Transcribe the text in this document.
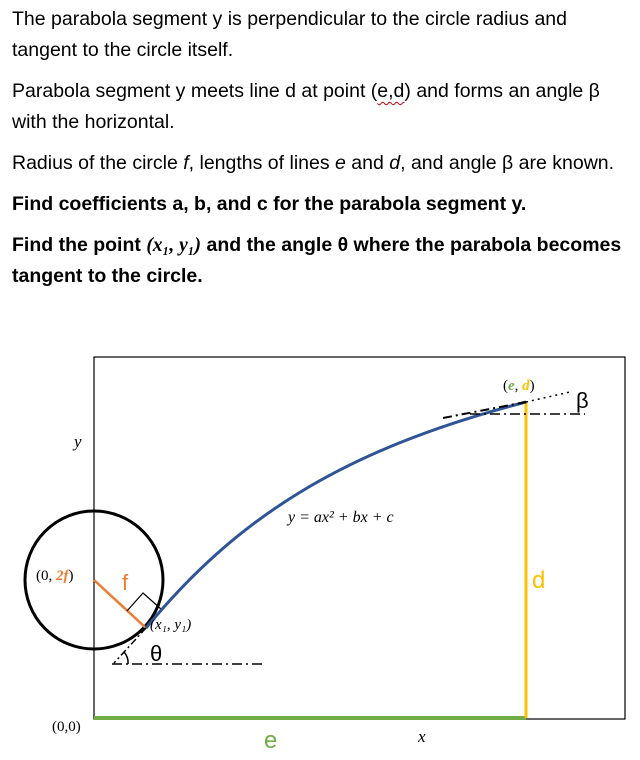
The parabola segment y is perpendicular to the circle radius and tangent to the circle itself.

Parabola segment y meets line d at point (e,d) and forms an angle β with the horizontal.

Radius of the circle f, lengths of lines e and d, and angle β are known.

Find coefficients a, b, and c for the parabola segment y.

Find the point (x₁, y₁) and the angle θ where the parabola becomes tangent to the circle.

y
x
(0,0)
(0, 2f) f
(x₁, y₁)
θ
y = ax² + bx + c
(e, d)
β
d
e
